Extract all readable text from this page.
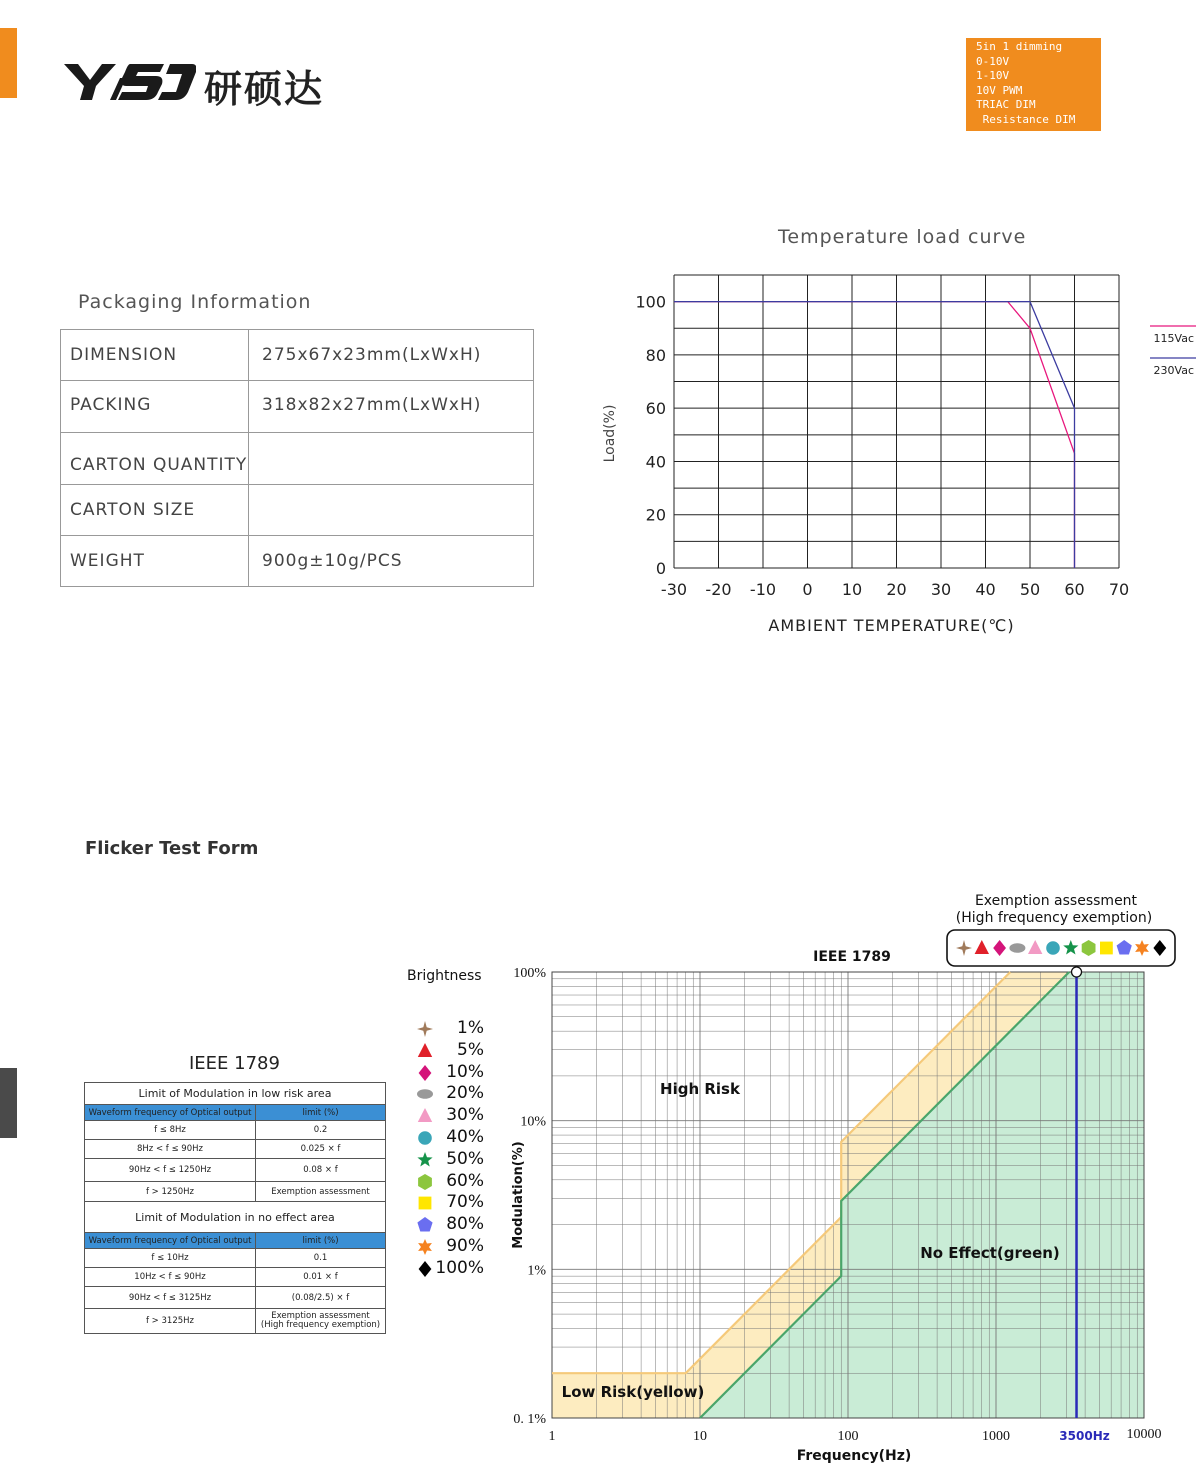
研硕达
5in 1 dimming
0-10V
1-10V
10V PWM
TRIAC DIM
Resistance DIM
Packaging Information
DIMENSION	275x67x23mm(LxWxH)
PACKING	318x82x27mm(LxWxH)
CARTON QUANTITY	
CARTON SIZE	
WEIGHT	900g±10g/PCS
Temperature load curve
-30 -20 -10 0 10 20 30 40 50 60 70
0
20
40
60
80
100
AMBIENT TEMPERATURE(℃)
Load(%)
115Vac
230Vac
Flicker Test Form
IEEE 1789
Limit of Modulation in low risk area	
Waveform frequency of Optical output	limit (%)
f ≤ 8Hz	0.2
8Hz < f ≤ 90Hz	0.025 × f
90Hz < f ≤ 1250Hz	0.08 × f
f > 1250Hz	Exemption assessment
Limit of Modulation in no effect area	
Waveform frequency of Optical output	limit (%)
f ≤ 10Hz	0.1
10Hz < f ≤ 90Hz	0.01 × f
90Hz < f ≤ 3125Hz	(0.08/2.5) × f
f > 3125Hz	Exemption assessment
(High frequency exemption)
Brightness
1%
5%
10%
20%
30%
40%
50%
60%
70%
80%
90%
100%
3500Hz
1	10	100	1000	10000
0. 1%
1%
10%
100%
Frequency(Hz)
Modulation(%)
IEEE 1789
High Risk
No Effect(green)
Low Risk(yellow)
Exemption assessment
(High frequency exemption)
